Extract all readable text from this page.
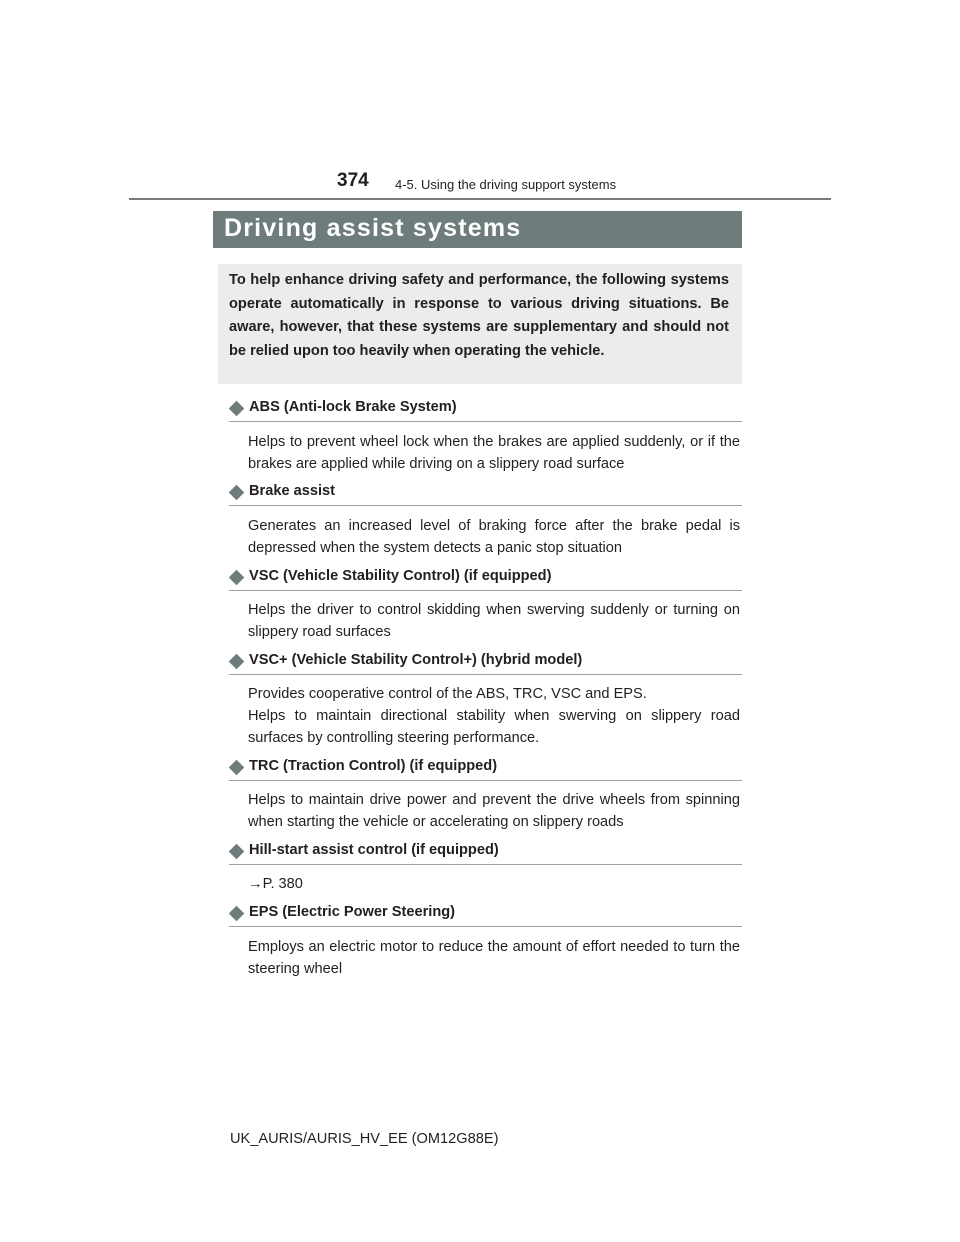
374 4-5. Using the driving support systems
Driving assist systems
To help enhance driving safety and performance, the following systems operate automatically in response to various driving situations. Be aware, however, that these systems are supplementary and should not be relied upon too heavily when operating the vehicle.
ABS (Anti-lock Brake System)
Helps to prevent wheel lock when the brakes are applied suddenly, or if the brakes are applied while driving on a slippery road surface
Brake assist
Generates an increased level of braking force after the brake pedal is depressed when the system detects a panic stop situation
VSC (Vehicle Stability Control) (if equipped)
Helps the driver to control skidding when swerving suddenly or turning on slippery road surfaces
VSC+ (Vehicle Stability Control+) (hybrid model)
Provides cooperative control of the ABS, TRC, VSC and EPS.
Helps to maintain directional stability when swerving on slippery road surfaces by controlling steering performance.
TRC (Traction Control) (if equipped)
Helps to maintain drive power and prevent the drive wheels from spinning when starting the vehicle or accelerating on slippery roads
Hill-start assist control (if equipped)
→P. 380
EPS (Electric Power Steering)
Employs an electric motor to reduce the amount of effort needed to turn the steering wheel
UK_AURIS/AURIS_HV_EE (OM12G88E)
